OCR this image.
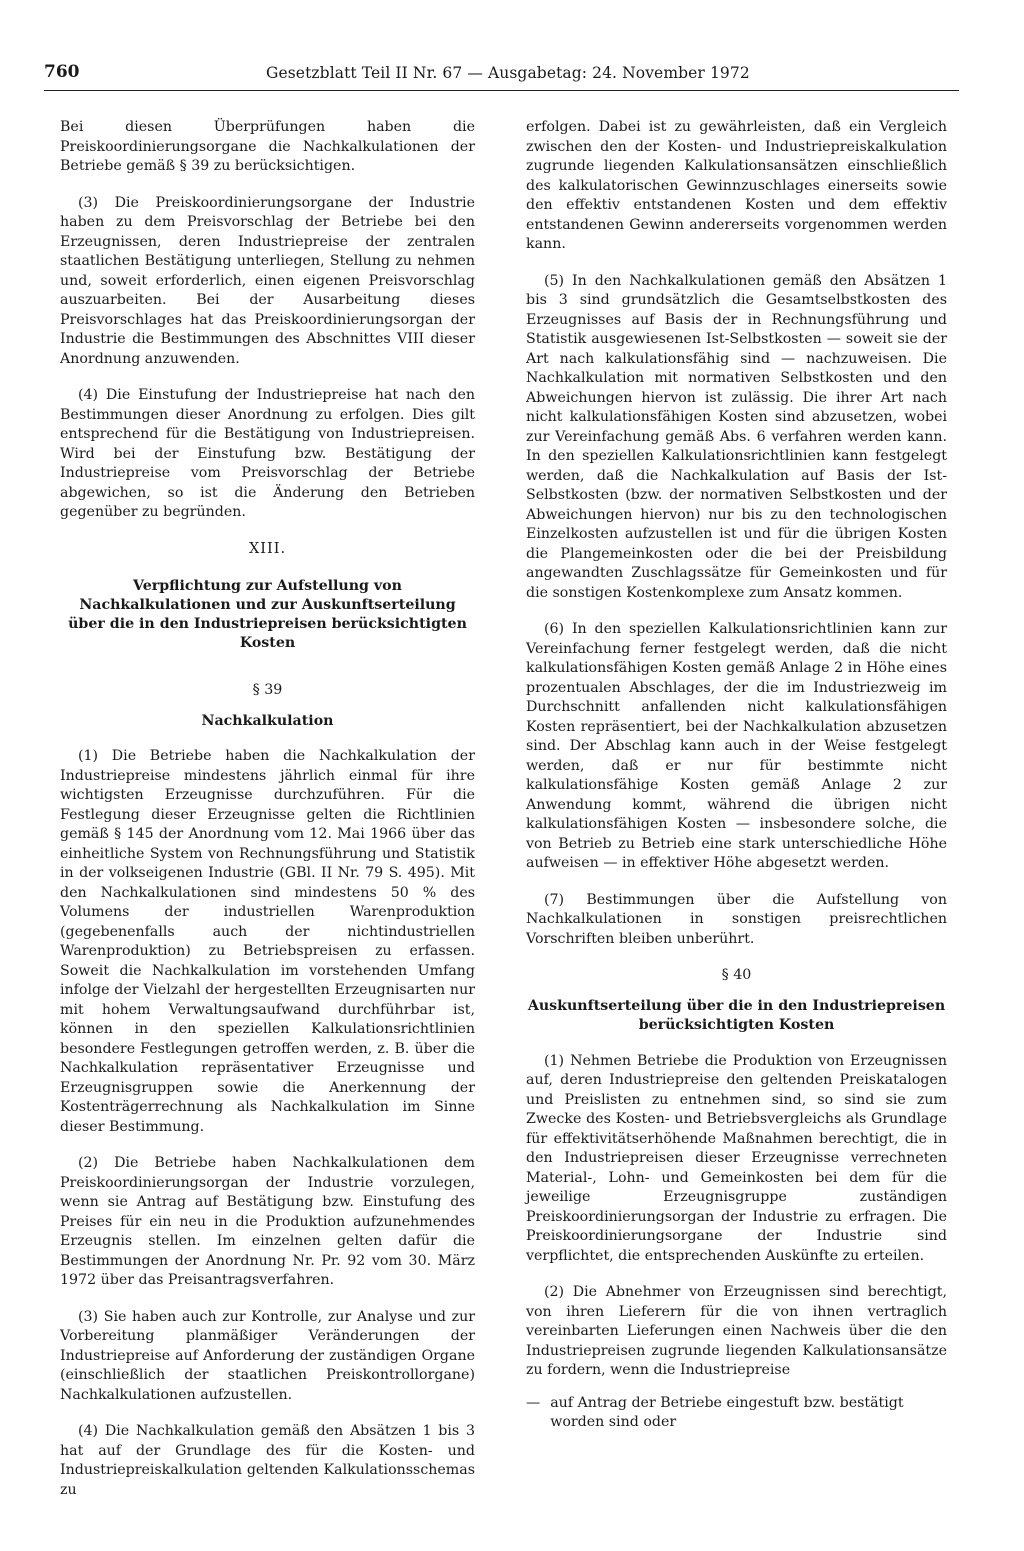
760	Gesetzblatt Teil II Nr. 67 — Ausgabetag: 24. November 1972

Bei diesen Überprüfungen haben die Preiskoordinierungsorgane die Nachkalkulationen der Betriebe gemäß § 39 zu berücksichtigen.

(3) Die Preiskoordinierungsorgane der Industrie haben zu dem Preisvorschlag der Betriebe bei den Erzeugnissen, deren Industriepreise der zentralen staatlichen Bestätigung unterliegen, Stellung zu nehmen und, soweit erforderlich, einen eigenen Preisvorschlag auszuarbeiten. Bei der Ausarbeitung dieses Preisvorschlages hat das Preiskoordinierungsorgan der Industrie die Bestimmungen des Abschnittes VIII dieser Anordnung anzuwenden.

(4) Die Einstufung der Industriepreise hat nach den Bestimmungen dieser Anordnung zu erfolgen. Dies gilt entsprechend für die Bestätigung von Industriepreisen. Wird bei der Einstufung bzw. Bestätigung der Industriepreise vom Preisvorschlag der Betriebe abgewichen, so ist die Änderung den Betrieben gegenüber zu begründen.

XIII.
Verpflichtung zur Aufstellung von Nachkalkulationen und zur Auskunftserteilung über die in den Industriepreisen berücksichtigten Kosten
§ 39
Nachkalkulation

(1) Die Betriebe haben die Nachkalkulation der Industriepreise mindestens jährlich einmal für ihre wichtigsten Erzeugnisse durchzuführen. Für die Festlegung dieser Erzeugnisse gelten die Richtlinien gemäß § 145 der Anordnung vom 12. Mai 1966 über das einheitliche System von Rechnungsführung und Statistik in der volkseigenen Industrie (GBl. II Nr. 79 S. 495). Mit den Nachkalkulationen sind mindestens 50 % des Volumens der industriellen Warenproduktion (gegebenenfalls auch der nichtindustriellen Warenproduktion) zu Betriebspreisen zu erfassen. Soweit die Nachkalkulation im vorstehenden Umfang infolge der Vielzahl der hergestellten Erzeugnisarten nur mit hohem Verwaltungsaufwand durchführbar ist, können in den speziellen Kalkulationsrichtlinien besondere Festlegungen getroffen werden, z. B. über die Nachkalkulation repräsentativer Erzeugnisse und Erzeugnisgruppen sowie die Anerkennung der Kostenträgerrechnung als Nachkalkulation im Sinne dieser Bestimmung.

(2) Die Betriebe haben Nachkalkulationen dem Preiskoordinierungsorgan der Industrie vorzulegen, wenn sie Antrag auf Bestätigung bzw. Einstufung des Preises für ein neu in die Produktion aufzunehmendes Erzeugnis stellen. Im einzelnen gelten dafür die Bestimmungen der Anordnung Nr. Pr. 92 vom 30. März 1972 über das Preisantragsverfahren.

(3) Sie haben auch zur Kontrolle, zur Analyse und zur Vorbereitung planmäßiger Veränderungen der Industriepreise auf Anforderung der zuständigen Organe (einschließlich der staatlichen Preiskontrollorgane) Nachkalkulationen aufzustellen.

(4) Die Nachkalkulation gemäß den Absätzen 1 bis 3 hat auf der Grundlage des für die Kosten- und Industriepreiskalkulation geltenden Kalkulationsschemas zu

erfolgen. Dabei ist zu gewährleisten, daß ein Vergleich zwischen den der Kosten- und Industriepreiskalkulation zugrunde liegenden Kalkulationsansätzen einschließlich des kalkulatorischen Gewinnzuschlages einerseits sowie den effektiv entstandenen Kosten und dem effektiv entstandenen Gewinn andererseits vorgenommen werden kann.

(5) In den Nachkalkulationen gemäß den Absätzen 1 bis 3 sind grundsätzlich die Gesamtselbstkosten des Erzeugnisses auf Basis der in Rechnungsführung und Statistik ausgewiesenen Ist-Selbstkosten — soweit sie der Art nach kalkulationsfähig sind — nachzuweisen. Die Nachkalkulation mit normativen Selbstkosten und den Abweichungen hiervon ist zulässig. Die ihrer Art nach nicht kalkulationsfähigen Kosten sind abzusetzen, wobei zur Vereinfachung gemäß Abs. 6 verfahren werden kann. In den speziellen Kalkulationsrichtlinien kann festgelegt werden, daß die Nachkalkulation auf Basis der Ist-Selbstkosten (bzw. der normativen Selbstkosten und der Abweichungen hiervon) nur bis zu den technologischen Einzelkosten aufzustellen ist und für die übrigen Kosten die Plangemeinkosten oder die bei der Preisbildung angewandten Zuschlagssätze für Gemeinkosten und für die sonstigen Kostenkomplexe zum Ansatz kommen.

(6) In den speziellen Kalkulationsrichtlinien kann zur Vereinfachung ferner festgelegt werden, daß die nicht kalkulationsfähigen Kosten gemäß Anlage 2 in Höhe eines prozentualen Abschlages, der die im Industriezweig im Durchschnitt anfallenden nicht kalkulationsfähigen Kosten repräsentiert, bei der Nachkalkulation abzusetzen sind. Der Abschlag kann auch in der Weise festgelegt werden, daß er nur für bestimmte nicht kalkulationsfähige Kosten gemäß Anlage 2 zur Anwendung kommt, während die übrigen nicht kalkulationsfähigen Kosten — insbesondere solche, die von Betrieb zu Betrieb eine stark unterschiedliche Höhe aufweisen — in effektiver Höhe abgesetzt werden.

(7) Bestimmungen über die Aufstellung von Nachkalkulationen in sonstigen preisrechtlichen Vorschriften bleiben unberührt.

§ 40
Auskunftserteilung über die in den Industriepreisen berücksichtigten Kosten

(1) Nehmen Betriebe die Produktion von Erzeugnissen auf, deren Industriepreise den geltenden Preiskatalogen und Preislisten zu entnehmen sind, so sind sie zum Zwecke des Kosten- und Betriebsvergleichs als Grundlage für effektivitätserhöhende Maßnahmen berechtigt, die in den Industriepreisen dieser Erzeugnisse verrechneten Material-, Lohn- und Gemeinkosten bei dem für die jeweilige Erzeugnisgruppe zuständigen Preiskoordinierungsorgan der Industrie zu erfragen. Die Preiskoordinierungsorgane der Industrie sind verpflichtet, die entsprechenden Auskünfte zu erteilen.

(2) Die Abnehmer von Erzeugnissen sind berechtigt, von ihren Lieferern für die von ihnen vertraglich vereinbarten Lieferungen einen Nachweis über die den Industriepreisen zugrunde liegenden Kalkulationsansätze zu fordern, wenn die Industriepreise

— auf Antrag der Betriebe eingestuft bzw. bestätigt worden sind oder
